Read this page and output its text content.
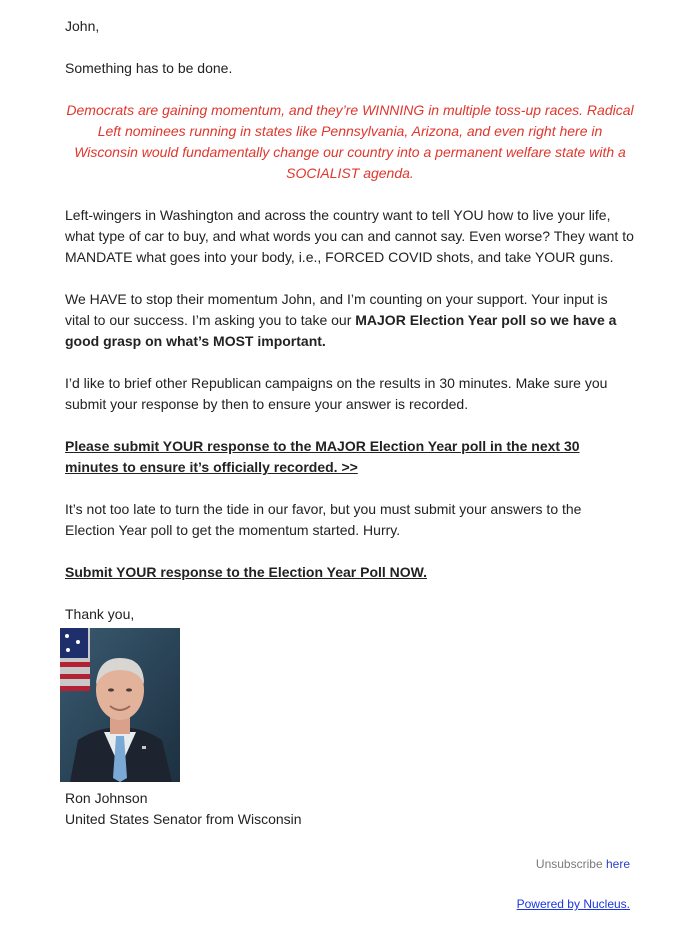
John,
Something has to be done.
Democrats are gaining momentum, and they’re WINNING in multiple toss-up races. Radical Left nominees running in states like Pennsylvania, Arizona, and even right here in Wisconsin would fundamentally change our country into a permanent welfare state with a SOCIALIST agenda.
Left-wingers in Washington and across the country want to tell YOU how to live your life, what type of car to buy, and what words you can and cannot say. Even worse? They want to MANDATE what goes into your body, i.e., FORCED COVID shots, and take YOUR guns.
We HAVE to stop their momentum John, and I’m counting on your support. Your input is vital to our success. I’m asking you to take our MAJOR Election Year poll so we have a good grasp on what’s MOST important.
I’d like to brief other Republican campaigns on the results in 30 minutes. Make sure you submit your response by then to ensure your answer is recorded.
Please submit YOUR response to the MAJOR Election Year poll in the next 30 minutes to ensure it’s officially recorded. >>
It’s not too late to turn the tide in our favor, but you must submit your answers to the Election Year poll to get the momentum started. Hurry.
Submit YOUR response to the Election Year Poll NOW.
Thank you,
Ron Johnson
United States Senator from Wisconsin
Unsubscribe here
Powered by Nucleus.
